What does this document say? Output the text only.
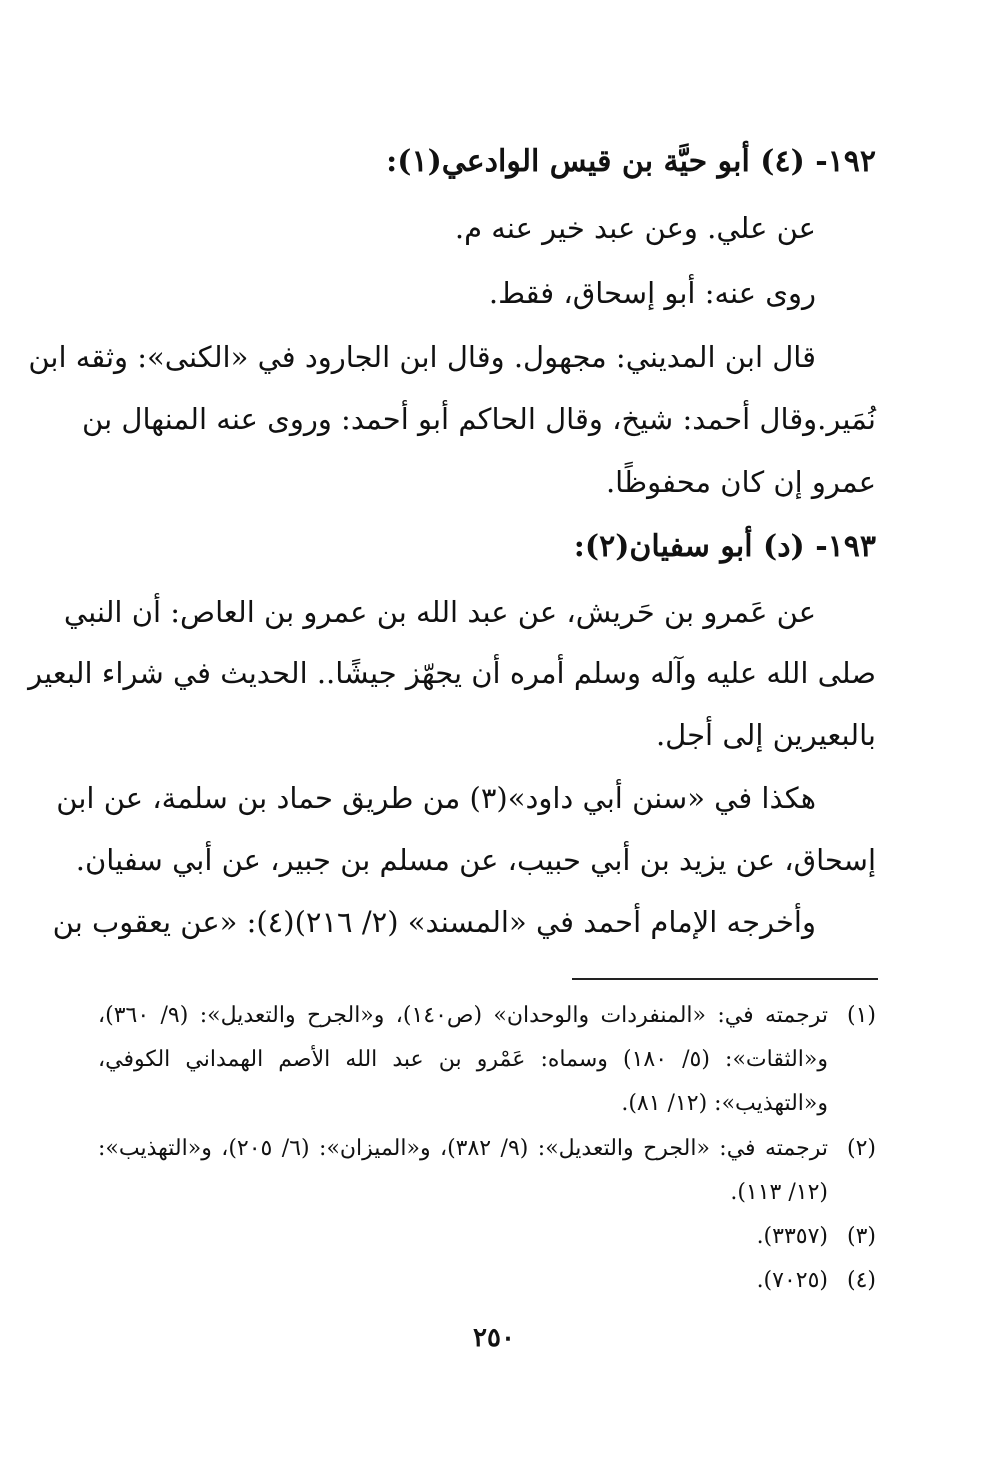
١٩٢- (٤) أبو حيَّة بن قيس الوادعي(١):
عن علي. وعن عبد خير عنه م.
روى عنه: أبو إسحاق، فقط.
قال ابن المديني: مجهول. وقال ابن الجارود في «الكنى»: وثقه ابن
نُمَير.وقال أحمد: شيخ، وقال الحاكم أبو أحمد: وروى عنه المنهال بن
عمرو إن كان محفوظًا.
١٩٣- (د) أبو سفيان(٢):
عن عَمرو بن حَريش، عن عبد الله بن عمرو بن العاص: أن النبي
صلى الله عليه وآله وسلم أمره أن يجهّز جيشًا.. الحديث في شراء البعير
بالبعيرين إلى أجل.
هكذا في «سنن أبي داود»(٣) من طريق حماد بن سلمة، عن ابن
إسحاق، عن يزيد بن أبي حبيب، عن مسلم بن جبير، عن أبي سفيان.
وأخرجه الإمام أحمد في «المسند» (٢/ ٢١٦)(٤): «عن يعقوب بن
(١)
ترجمته في: «المنفردات والوحدان» (ص١٤٠)، و«الجرح والتعديل»: (٩/ ٣٦٠)،
و«الثقات»: (٥/ ١٨٠) وسماه: عَمْرو بن عبد الله الأصم الهمداني الكوفي،
و«التهذيب»: (١٢/ ٨١).
(٢)
ترجمته في: «الجرح والتعديل»: (٩/ ٣٨٢)، و«الميزان»: (٦/ ٢٠٥)، و«التهذيب»:
(١٢/ ١١٣).
(٣)
(٣٣٥٧).
(٤)
(٧٠٢٥).
٢٥٠
